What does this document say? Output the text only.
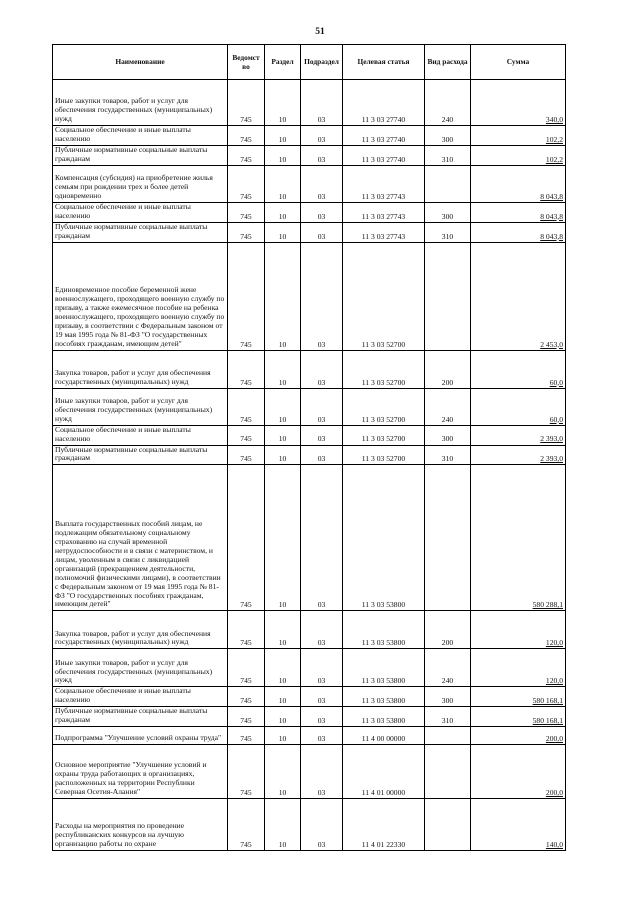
51
Наименование	Ведомст во	Раздел	Подраздел	Целевая статья	Вид расхода	Сумма
Иные закупки товаров, работ и услуг для обеспечения государственных (муниципальных) нужд	745	10	03	11 3 03 27740	240	340,0
Социальное обеспечение и иные выплаты населению	745	10	03	11 3 03 27740	300	102,2
Публичные нормативные социальные выплаты гражданам	745	10	03	11 3 03 27740	310	102,2
Компенсация (субсидия) на приобретение жилья семьям при рождении трех и более детей одновременно	745	10	03	11 3 03 27743		8 043,8
Социальное обеспечение и иные выплаты населению	745	10	03	11 3 03 27743	300	8 043,8
Публичные нормативные социальные выплаты гражданам	745	10	03	11 3 03 27743	310	8 043,8
Единовременное пособие беременной жене военнослужащего, проходящего военную службу по призыву, а также ежемесячное пособие на ребенка военнослужащего, проходящего военную службу по призыву, в соответствии с Федеральным законом от 19 мая 1995 года № 81-ФЗ "О государственных пособиях гражданам, имеющим детей"	745	10	03	11 3 03 52700		2 453,0
Закупка товаров, работ и услуг для обеспечения государственных (муниципальных) нужд	745	10	03	11 3 03 52700	200	60,0
Иные закупки товаров, работ и услуг для обеспечения государственных (муниципальных) нужд	745	10	03	11 3 03 52700	240	60,0
Социальное обеспечение и иные выплаты населению	745	10	03	11 3 03 52700	300	2 393,0
Публичные нормативные социальные выплаты гражданам	745	10	03	11 3 03 52700	310	2 393,0
Выплата государственных пособий лицам, не подлежащим обязательному социальному страхованию на случай временной нетрудоспособности и в связи с материнством, и лицам, уволенным в связи с ликвидацией организаций (прекращением деятельности, полномочий физическими лицами), в соответствии с Федеральным законом от 19 мая 1995 года № 81-ФЗ "О государственных пособиях гражданам, имеющим детей"	745	10	03	11 3 03 53800		580 288,1
Закупка товаров, работ и услуг для обеспечения государственных (муниципальных) нужд	745	10	03	11 3 03 53800	200	120,0
Иные закупки товаров, работ и услуг для обеспечения государственных (муниципальных) нужд	745	10	03	11 3 03 53800	240	120,0
Социальное обеспечение и иные выплаты населению	745	10	03	11 3 03 53800	300	580 168,1
Публичные нормативные социальные выплаты гражданам	745	10	03	11 3 03 53800	310	580 168,1
Подпрограмма "Улучшение условий охраны труда"	745	10	03	11 4 00 00000		200,0
Основное мероприятие "Улучшение условий и охраны труда работающих в организациях, расположенных на территории Республики Северная Осетия-Алания"	745	10	03	11 4 01 00000		200,0
Расходы на мероприятия по проведение республиканских конкурсов на лучшую организацию работы по охране	745	10	03	11 4 01 22330		140,0
